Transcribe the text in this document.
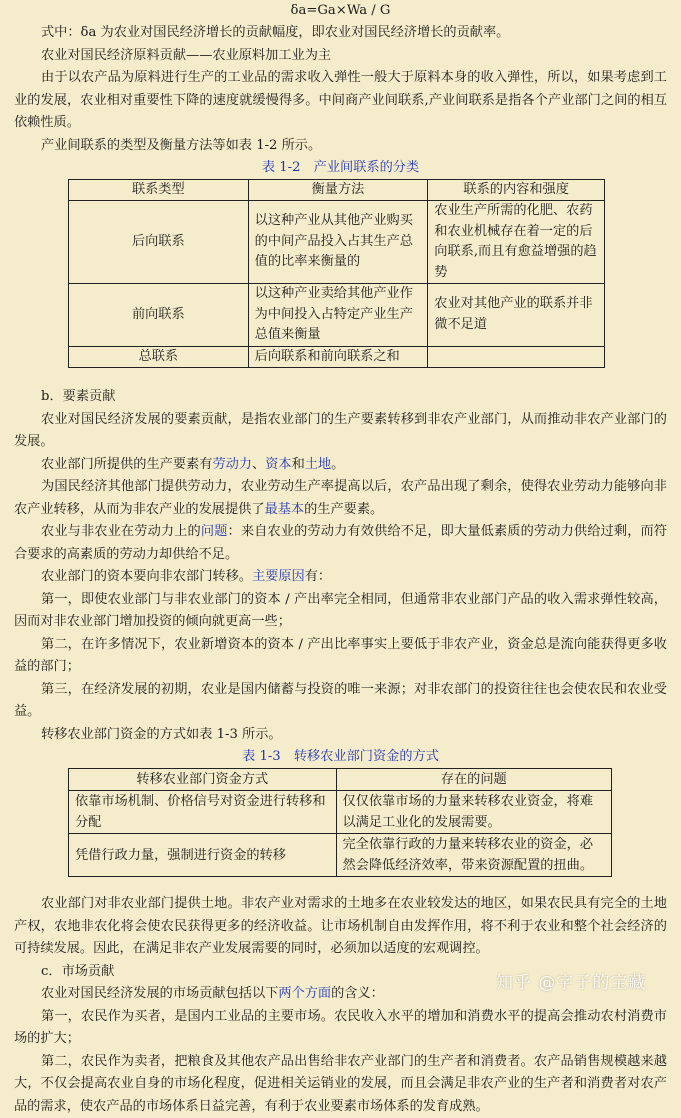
δa=Ga×Wa / G
式中：δa 为农业对国民经济增长的贡献幅度，即农业对国民经济增长的贡献率。
农业对国民经济原料贡献——农业原料加工业为主
由于以农产品为原料进行生产的工业品的需求收入弹性一般大于原料本身的收入弹性，所以，如果考虑到工业的发展，农业相对重要性下降的速度就缓慢得多。中间商产业间联系,产业间联系是指各个产业部门之间的相互依赖性质。
产业间联系的类型及衡量方法等如表 1-2 所示。
表 1-2　产业间联系的分类
联系类型	衡量方法	联系的内容和强度
后向联系	以这种产业从其他产业购买的中间产品投入占其生产总值的比率来衡量的	农业生产所需的化肥、农药和农业机械存在着一定的后向联系,而且有愈益增强的趋势
前向联系	以这种产业卖给其他产业作为中间投入占特定产业生产总值来衡量	农业对其他产业的联系并非微不足道
总联系	后向联系和前向联系之和	
b．要素贡献
农业对国民经济发展的要素贡献，是指农业部门的生产要素转移到非农产业部门，从而推动非农产业部门的发展。
农业部门所提供的生产要素有劳动力、资本和土地。
为国民经济其他部门提供劳动力，农业劳动生产率提高以后，农产品出现了剩余，使得农业劳动力能够向非农产业转移，从而为非农产业的发展提供了最基本的生产要素。
农业与非农业在劳动力上的问题：来自农业的劳动力有效供给不足，即大量低素质的劳动力供给过剩，而符合要求的高素质的劳动力却供给不足。
农业部门的资本要向非农部门转移。主要原因有：
第一，即使农业部门与非农业部门的资本 / 产出率完全相同，但通常非农业部门产品的收入需求弹性较高，因而对非农业部门增加投资的倾向就更高一些；
第二，在许多情况下，农业新增资本的资本 / 产出比率事实上要低于非农产业，资金总是流向能获得更多收益的部门；
第三，在经济发展的初期，农业是国内储蓄与投资的唯一来源；对非农部门的投资往往也会使农民和农业受益。
转移农业部门资金的方式如表 1-3 所示。
表 1-3　转移农业部门资金的方式
转移农业部门资金方式	存在的问题
依靠市场机制、价格信号对资金进行转移和分配	仅仅依靠市场的力量来转移农业资金，将难以满足工业化的发展需要。
凭借行政力量，强制进行资金的转移	完全依靠行政的力量来转移农业的资金，必然会降低经济效率，带来资源配置的扭曲。
农业部门对非农业部门提供土地。非农产业对需求的土地多在农业较发达的地区，如果农民具有完全的土地产权，农地非农化将会使农民获得更多的经济收益。让市场机制自由发挥作用，将不利于农业和整个社会经济的可持续发展。因此，在满足非农产业发展需要的同时，必须加以适度的宏观调控。
c．市场贡献
农业对国民经济发展的市场贡献包括以下两个方面的含义：
第一，农民作为买者，是国内工业品的主要市场。农民收入水平的增加和消费水平的提高会推动农村消费市场的扩大；
第二，农民作为卖者，把粮食及其他农产品出售给非农产业部门的生产者和消费者。农产品销售规模越来越大，不仅会提高农业自身的市场化程度，促进相关运销业的发展，而且会满足非农产业的生产者和消费者对农产品的需求，使农产品的市场体系日益完善，有利于农业要素市场体系的发育成熟。
知乎 @字子的宝藏
